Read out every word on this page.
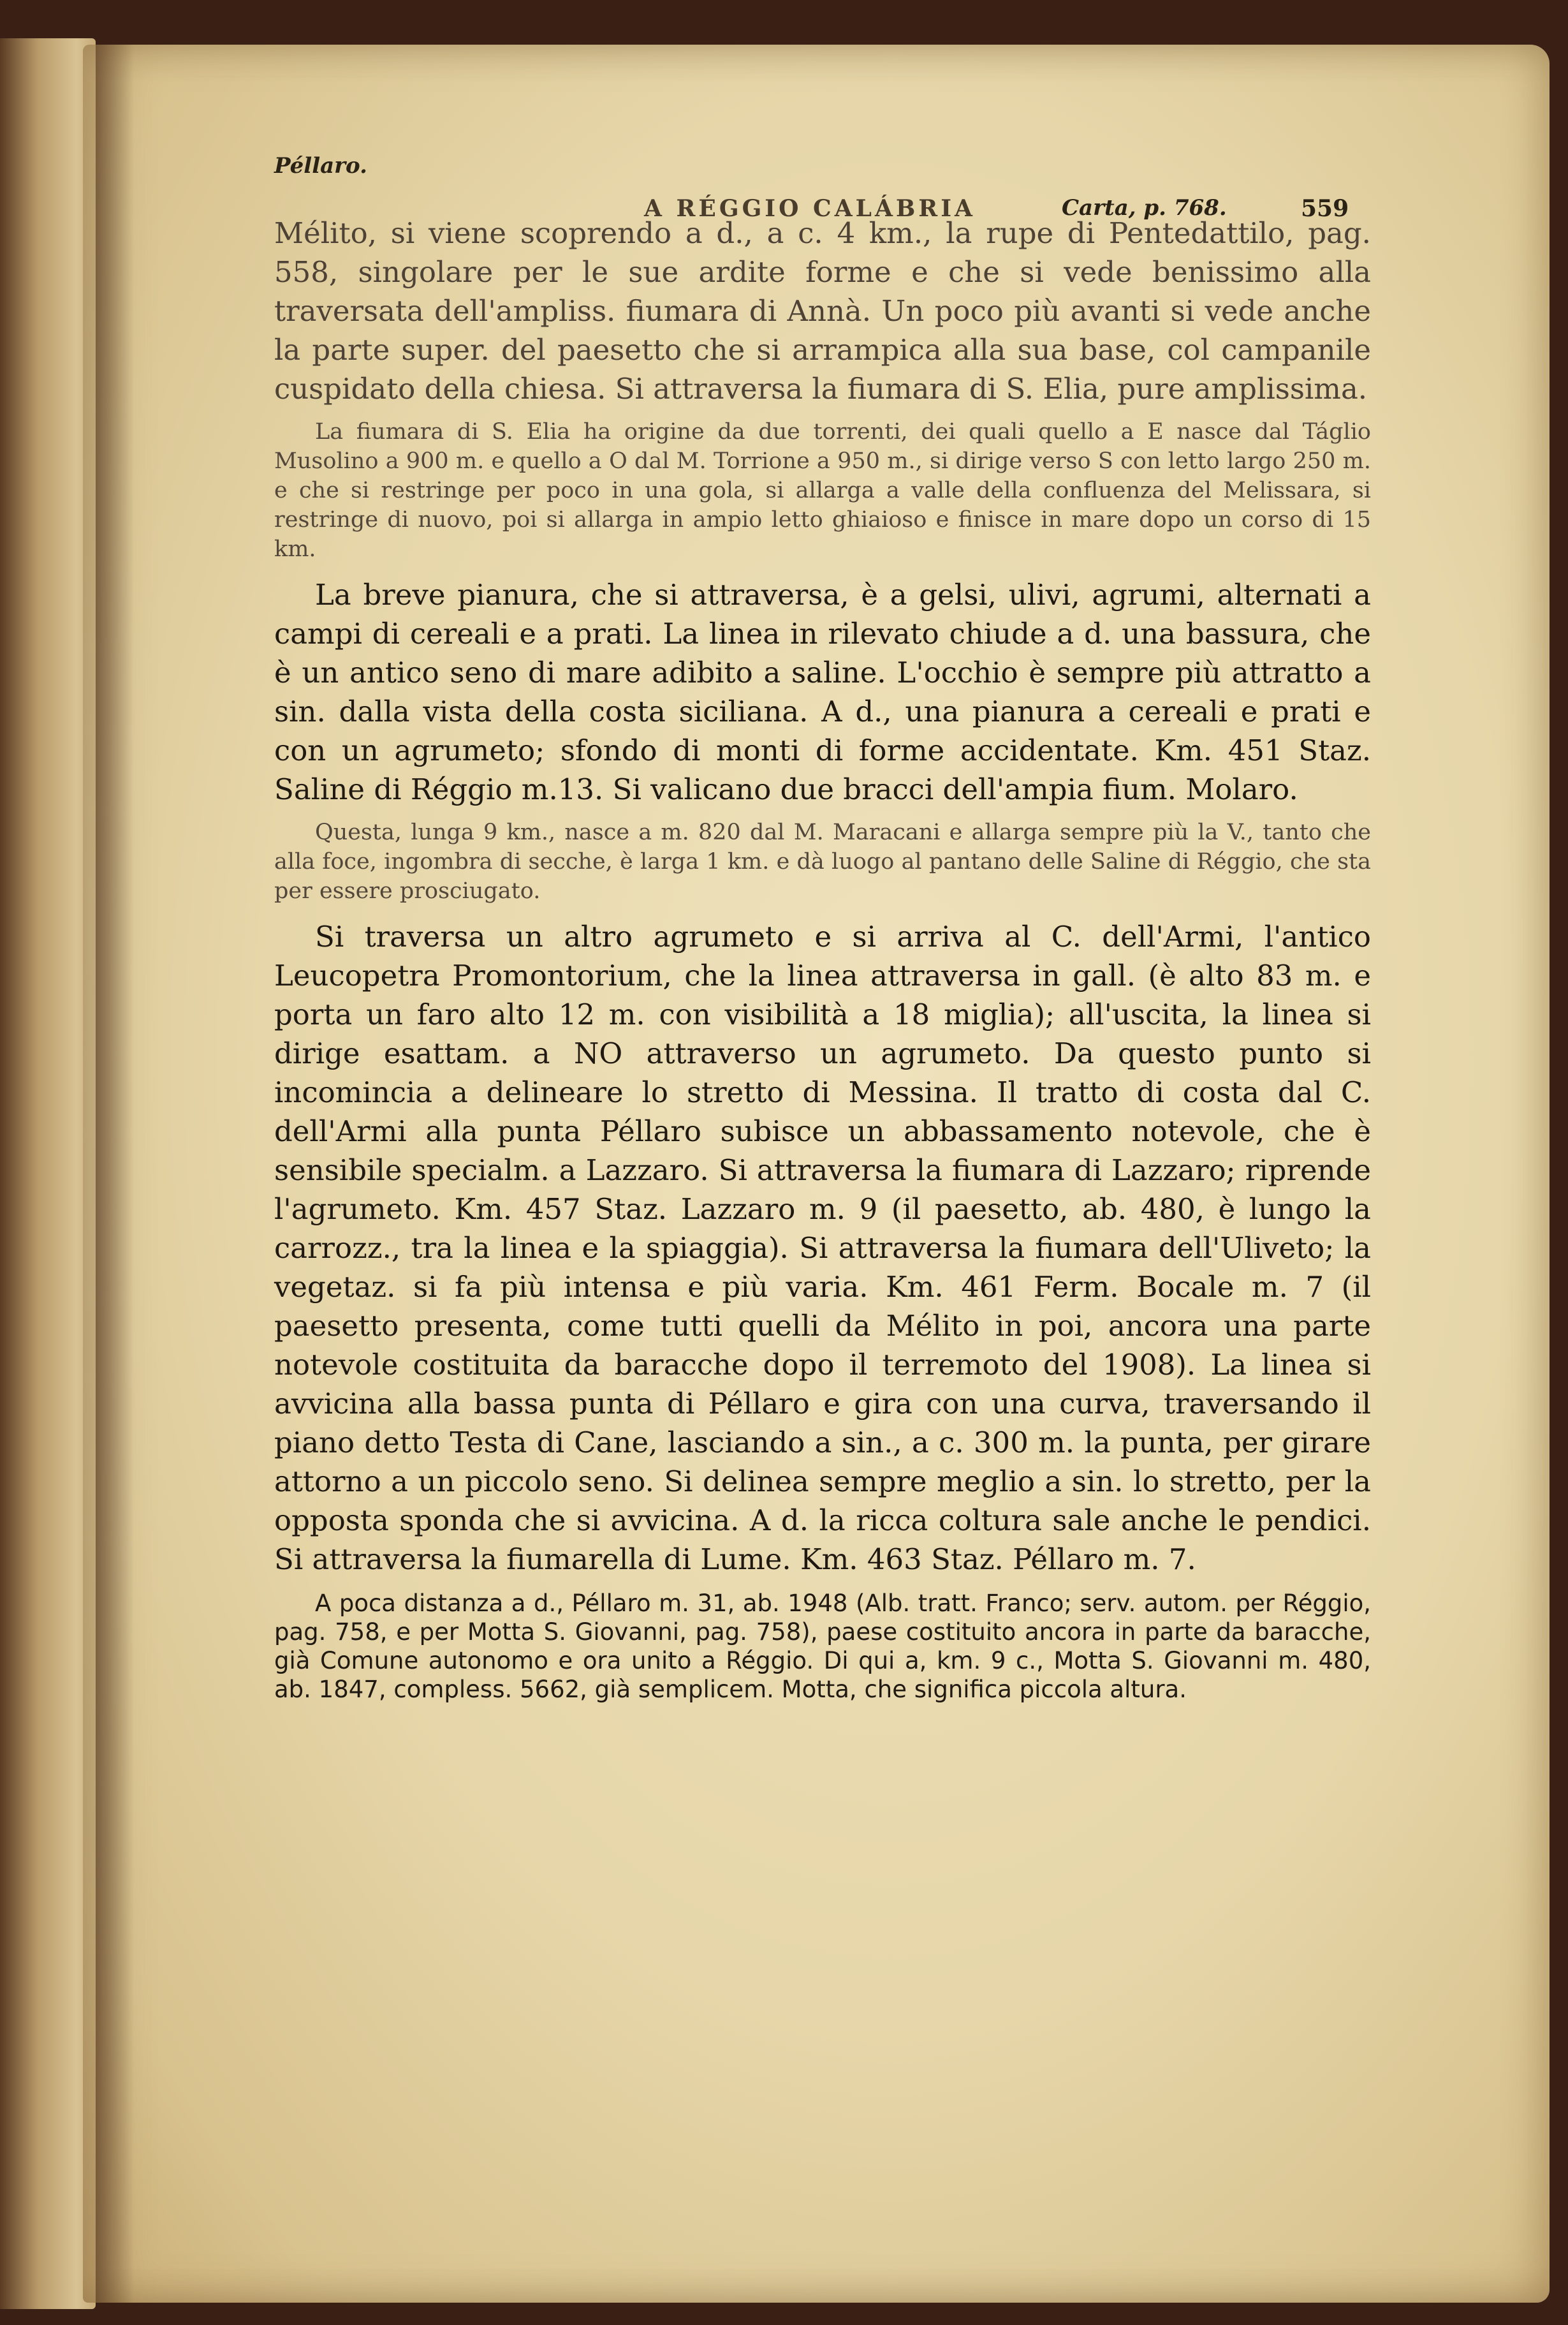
Péllaro.
A RÉGGIO CALÁBRIA	Carta, p. 768.	559

Mélito, si viene scoprendo a d., a c. 4 km., la rupe di Pentedattilo, pag. 558, singolare per le sue ardite forme e che si vede benissimo alla traversata dell'ampliss. fiumara di Annà. Un poco più avanti si vede anche la parte super. del paesetto che si arrampica alla sua base, col campanile cuspidato della chiesa. Si attraversa la fiumara di S. Elia, pure amplissima.

La fiumara di S. Elia ha origine da due torrenti, dei quali quello a E nasce dal Táglio Musolino a 900 m. e quello a O dal M. Torrione a 950 m., si dirige verso S con letto largo 250 m. e che si restringe per poco in una gola, si allarga a valle della confluenza del Melissara, si restringe di nuovo, poi si allarga in ampio letto ghiaioso e finisce in mare dopo un corso di 15 km.

La breve pianura, che si attraversa, è a gelsi, ulivi, agrumi, alternati a campi di cereali e a prati. La linea in rilevato chiude a d. una bassura, che è un antico seno di mare adibito a saline. L'occhio è sempre più attratto a sin. dalla vista della costa siciliana. A d., una pianura a cereali e prati e con un agrumeto; sfondo di monti di forme accidentate. Km. 451 Staz. Saline di Réggio m.13. Si valicano due bracci dell'ampia fium. Molaro.

Questa, lunga 9 km., nasce a m. 820 dal M. Maracani e allarga sempre più la V., tanto che alla foce, ingombra di secche, è larga 1 km. e dà luogo al pantano delle Saline di Réggio, che sta per essere prosciugato.

Si traversa un altro agrumeto e si arriva al C. dell'Armi, l'antico Leucopetra Promontorium, che la linea attraversa in gall. (è alto 83 m. e porta un faro alto 12 m. con visibilità a 18 miglia); all'uscita, la linea si dirige esattam. a NO attraverso un agrumeto. Da questo punto si incomincia a delineare lo stretto di Messina. Il tratto di costa dal C. dell'Armi alla punta Péllaro subisce un abbassamento notevole, che è sensibile specialm. a Lazzaro. Si attraversa la fiumara di Lazzaro; riprende l'agrumeto. Km. 457 Staz. Lazzaro m. 9 (il paesetto, ab. 480, è lungo la carrozz., tra la linea e la spiaggia). Si attraversa la fiumara dell'Uliveto; la vegetaz. si fa più intensa e più varia. Km. 461 Ferm. Bocale m. 7 (il paesetto presenta, come tutti quelli da Mélito in poi, ancora una parte notevole costituita da baracche dopo il terremoto del 1908). La linea si avvicina alla bassa punta di Péllaro e gira con una curva, traversando il piano detto Testa di Cane, lasciando a sin., a c. 300 m. la punta, per girare attorno a un piccolo seno. Si delinea sempre meglio a sin. lo stretto, per la opposta sponda che si avvicina. A d. la ricca coltura sale anche le pendici. Si attraversa la fiumarella di Lume. Km. 463 Staz. Péllaro m. 7.

A poca distanza a d., Péllaro m. 31, ab. 1948 (Alb. tratt. Franco; serv. autom. per Réggio, pag. 758, e per Motta S. Giovanni, pag. 758), paese costituito ancora in parte da baracche, già Comune autonomo e ora unito a Réggio. Di qui a, km. 9 c., Motta S. Giovanni m. 480, ab. 1847, compless. 5662, già semplicem. Motta, che significa piccola altura.
